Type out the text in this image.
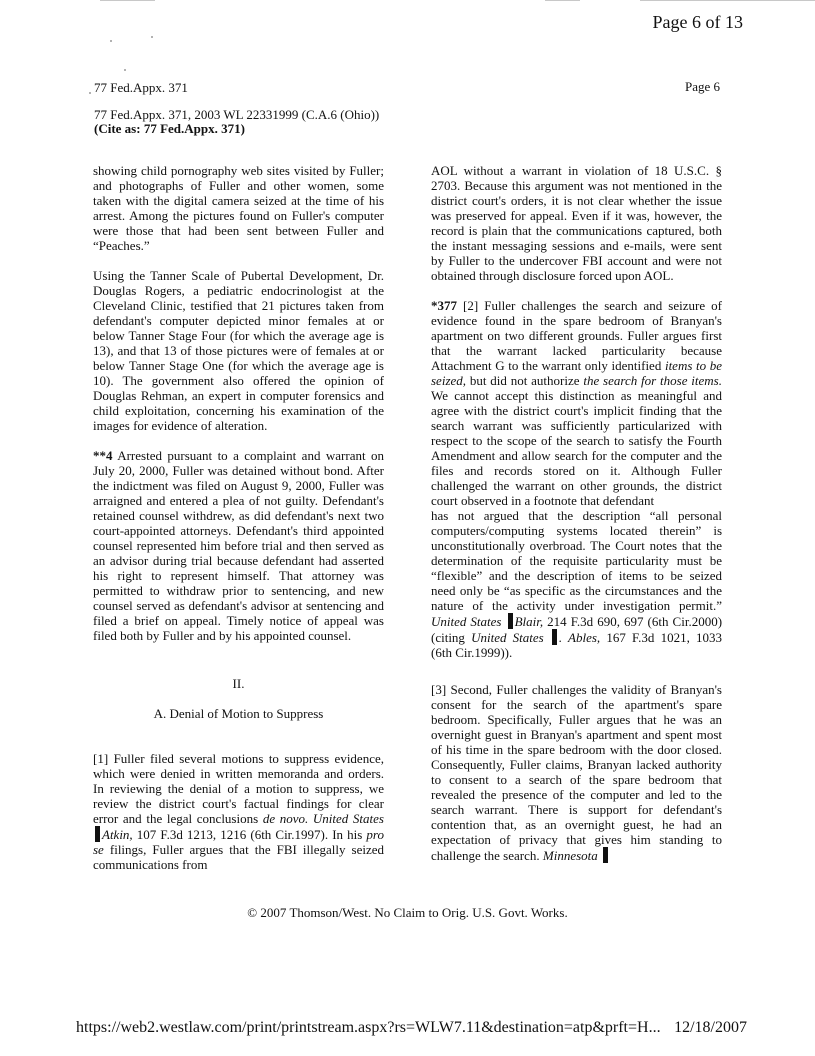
Page 6 of 13
77 Fed.Appx. 371	Page 6
77 Fed.Appx. 371, 2003 WL 22331999 (C.A.6 (Ohio))
(Cite as: 77 Fed.Appx. 371)

showing child pornography web sites visited by Fuller; and photographs of Fuller and other women, some taken with the digital camera seized at the time of his arrest. Among the pictures found on Fuller's computer were those that had been sent between Fuller and “Peaches.”

Using the Tanner Scale of Pubertal Development, Dr. Douglas Rogers, a pediatric endocrinologist at the Cleveland Clinic, testified that 21 pictures taken from defendant's computer depicted minor females at or below Tanner Stage Four (for which the average age is 13), and that 13 of those pictures were of females at or below Tanner Stage One (for which the average age is 10). The government also offered the opinion of Douglas Rehman, an expert in computer forensics and child exploitation, concerning his examination of the images for evidence of alteration.

**4 Arrested pursuant to a complaint and warrant on July 20, 2000, Fuller was detained without bond. After the indictment was filed on August 9, 2000, Fuller was arraigned and entered a plea of not guilty. Defendant's retained counsel withdrew, as did defendant's next two court-appointed attorneys. Defendant's third appointed counsel represented him before trial and then served as an advisor during trial because defendant had asserted his right to represent himself. That attorney was permitted to withdraw prior to sentencing, and new counsel served as defendant's advisor at sentencing and filed a brief on appeal. Timely notice of appeal was filed both by Fuller and by his appointed counsel.

II.

A. Denial of Motion to Suppress

[1] Fuller filed several motions to suppress evidence, which were denied in written memoranda and orders. In reviewing the denial of a motion to suppress, we review the district court's factual findings for clear error and the legal conclusions de novo. United States Atkin, 107 F.3d 1213, 1216 (6th Cir.1997). In his pro se filings, Fuller argues that the FBI illegally seized communications from

AOL without a warrant in violation of 18 U.S.C. § 2703. Because this argument was not mentioned in the district court's orders, it is not clear whether the issue was preserved for appeal. Even if it was, however, the record is plain that the communications captured, both the instant messaging sessions and e-mails, were sent by Fuller to the undercover FBI account and were not obtained through disclosure forced upon AOL.

*377 [2] Fuller challenges the search and seizure of evidence found in the spare bedroom of Branyan's apartment on two different grounds. Fuller argues first that the warrant lacked particularity because Attachment G to the warrant only identified items to be seized, but did not authorize the search for those items. We cannot accept this distinction as meaningful and agree with the district court's implicit finding that the search warrant was sufficiently particularized with respect to the scope of the search to satisfy the Fourth Amendment and allow search for the computer and the files and records stored on it. Although Fuller challenged the warrant on other grounds, the district court observed in a footnote that defendant

has not argued that the description “all personal computers/computing systems located therein” is unconstitutionally overbroad. The Court notes that the determination of the requisite particularity must be “flexible” and the description of items to be seized need only be “as specific as the circumstances and the nature of the activity under investigation permit.” United States Blair, 214 F.3d 690, 697 (6th Cir.2000) (citing United States . Ables, 167 F.3d 1021, 1033 (6th Cir.1999)).

[3] Second, Fuller challenges the validity of Branyan's consent for the search of the apartment's spare bedroom. Specifically, Fuller argues that he was an overnight guest in Branyan's apartment and spent most of his time in the spare bedroom with the door closed. Consequently, Fuller claims, Branyan lacked authority to consent to a search of the spare bedroom that revealed the presence of the computer and led to the search warrant. There is support for defendant's contention that, as an overnight guest, he had an expectation of privacy that gives him standing to challenge the search. Minnesota

© 2007 Thomson/West. No Claim to Orig. U.S. Govt. Works.
https://web2.westlaw.com/print/printstream.aspx?rs=WLW7.11&destination=atp&prft=H... 12/18/2007
